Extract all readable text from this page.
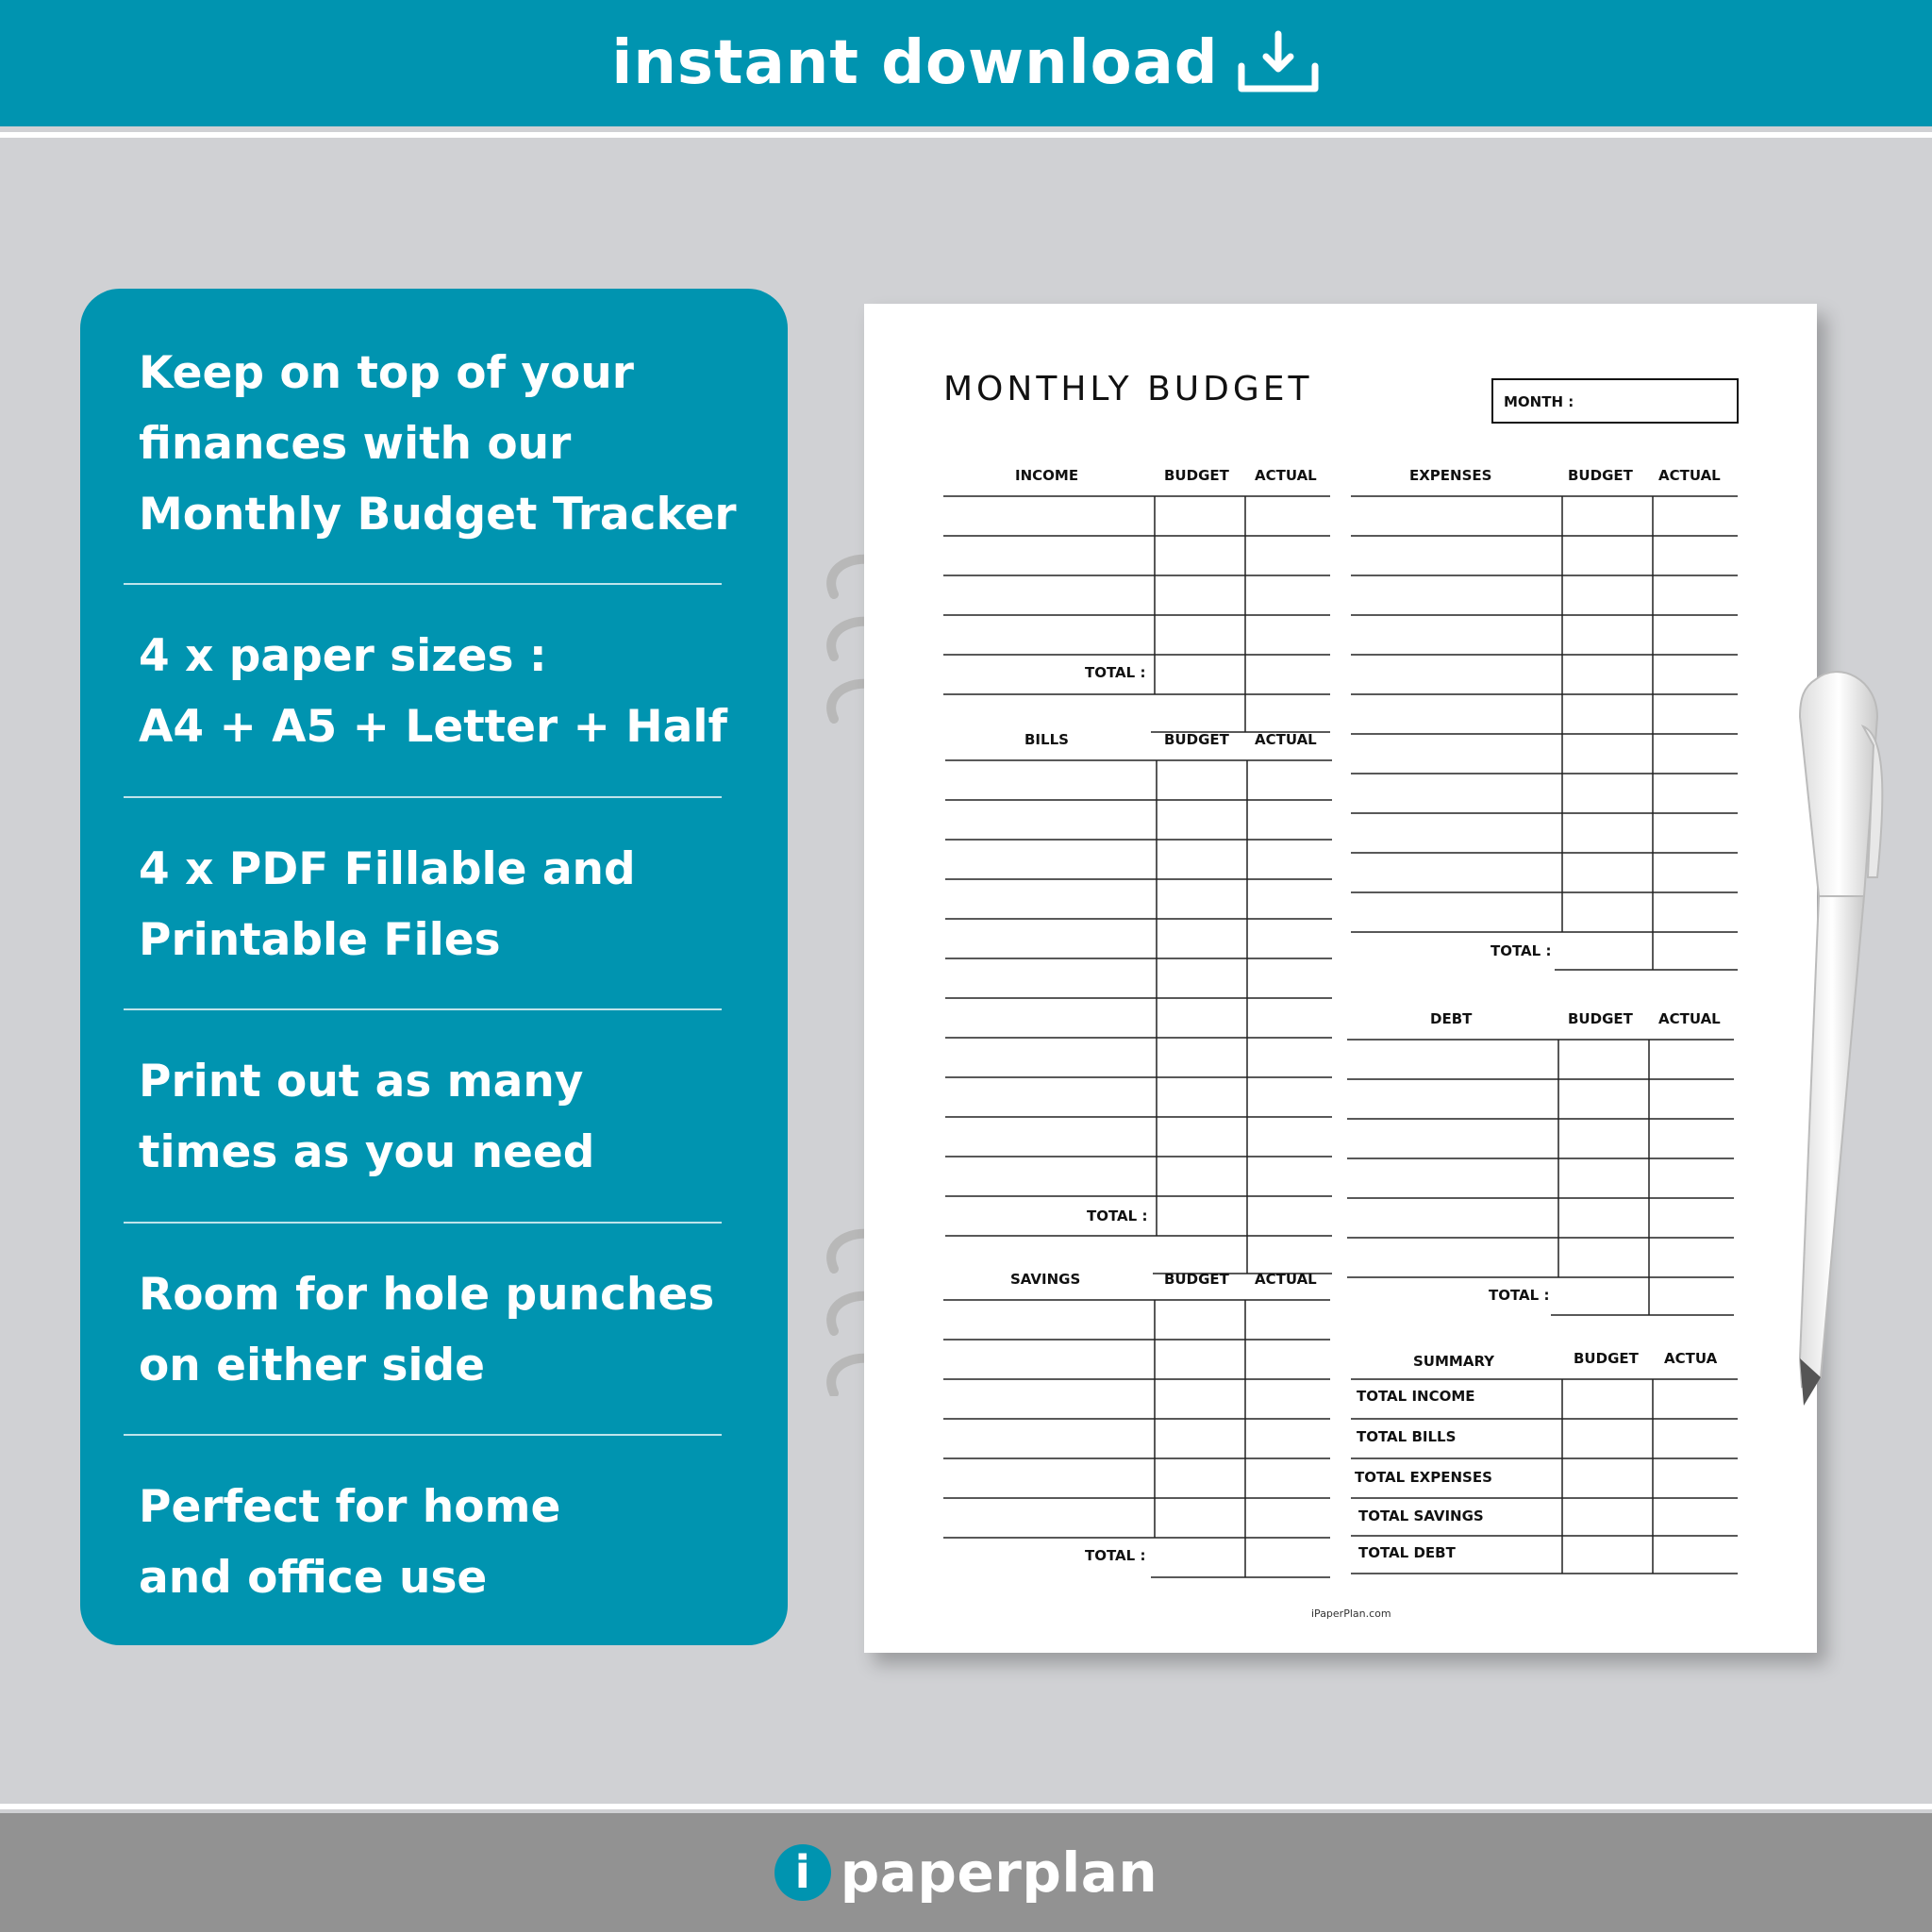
instant download
Keep on top of your
finances with our
Monthly Budget Tracker
4 x paper sizes :
A4 + A5 + Letter + Half
4 x PDF Fillable and
Printable Files
Print out as many
times as you need
Room for hole punches
on either side
Perfect for home
and office use
MONTHLY BUDGET	MONTH :
INCOME	BUDGET ACTUAL
TOTAL :
BILLS	BUDGET ACTUAL
TOTAL :
SAVINGS	BUDGET ACTUAL
TOTAL :
EXPENSES	BUDGET ACTUAL
TOTAL :
DEBT	BUDGET ACTUAL
TOTAL :
SUMMARY	BUDGET ACTUA
TOTAL INCOME
TOTAL BILLS
TOTAL EXPENSES
TOTAL SAVINGS
TOTAL DEBT
iPaperPlan.com
i paperplan
